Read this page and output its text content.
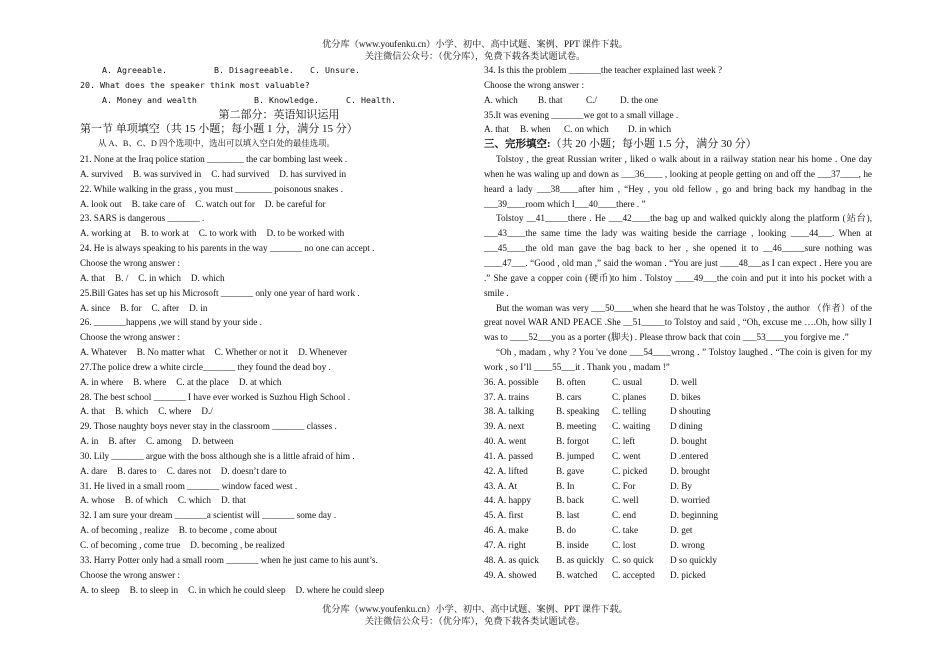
优分库（www.youfenku.cn）小学、初中、高中试题、案例、PPT 课件下载。
关注微信公众号：（优分库），免费下载各类试题试卷。
A. Agreeable.	B. Disagreeable. C. Unsure.
20. What does the speaker think most valuable?
A. Money and wealth	B. Knowledge.	C. Health.
第二部分：英语知识运用
第一节 单项填空（共 15 小题；每小题 1 分，满分 15 分）
从 A、B、C、D 四个选项中，选出可以填入空白处的最佳选项。
21. None at the Iraq police station ________ the car bombing last week .
A. survived B. was survived in C. had survived D. has survived in
22. While walking in the grass , you must ________ poisonous snakes .
A. look out B. take care of C. watch out for D. be careful for
23. SARS is dangerous _______ .
A. working at B. to work at C. to work with D. to be worked with
24. He is always speaking to his parents in the way _______ no one can accept .
Choose the wrong answer :
A. that B. / C. in which D. which
25.Bill Gates has set up his Microsoft _______ only one year of hard work .
A. since B. for C. after D. in
26. _______happens ,we will stand by your side .
Choose the wrong answer :
A. Whatever B. No matter what C. Whether or not it D. Whenever
27.The police drew a white circle_______ they found the dead boy .
A. in where B. where C. at the place D. at which
28. The best school _______ I have ever worked is Suzhou High School .
A. that B. which C. where D./
29. Those naughty boys never stay in the classroom _______ classes .
A. in B. after C. among D. between
30. Lily _______ argue with the boss although she is a little afraid of him .
A. dare B. dares to C. dares not D. doesn’t dare to
31. He lived in a small room _______ window faced west .
A. whose B. of which C. which D. that
32. I am sure your dream _______a scientist will _______ some day .
A. of becoming , realize B. to become , come about
C. of becoming , come true D. becoming , be realized
33. Harry Potter only had a small room _______ when he just came to his aunt’s.
Choose the wrong answer :
A. to sleep B. to sleep in C. in which he could sleep D. where he could sleep
34. Is this the problem _______the teacher explained last week ?
Choose the wrong answer :
A. which B. that	C./	D. the one
35.It was evening _______we got to a small village .
A. that B. when C. on which D. in which
三、完形填空:（共 20 小题；每小题 1.5 分，满分 30 分）

Tolstoy , the great Russian writer , liked o walk about in a railway station near his home . One day when he was waling up and down as ___36____ , looking at people getting on and off the ___37____, he heard a lady ___38____after him , “Hey , you old fellow , go and bring back my handbag in the ___39____room which I___40____there . ”

Tolstoy __41_____there . He ___42____the bag up and walked quickly along the platform (站台), ___43____the same time the lady was waiting beside the carriage , looking ____44___. When at ___45____the old man gave the bag back to her , she opened it to __46_____sure nothing was ____47___. “Good , old man ,” said the woman . “You are just ____48___as I can expect . Here you are .” She gave a copper coin (硬币)to him . Tolstoy ____49___the coin and put it into his pocket with a smile .

But the woman was very ___50____when she heard that he was Tolstoy , the author （作者）of the great novel WAR AND PEACE .She __51_____to Tolstoy and said , “Oh, excuse me ….Oh, how silly I was to ____52___you as a porter (脚夫) . Please throw back that coin ___53____you forgive me .”

“Oh , madam , why ? You 've done ___54____wrong . ” Tolstoy laughed . “The coin is given for my work , so I’ll ____55___it . Thank you , madam !”

36. A. possible B. often	C. usual	D. well
37. A. trains	B. cars	C. planes	D. bikes
38. A. talking B. speaking C. telling	D shouting
39. A. next	B. meeting C. waiting D dining
40. A. went	B. forgot C. left	D. bought
41. A. passed	B. jumped C. went	D .entered
42. A. lifted	B. gave	C. picked D. brought
43. A. At	B. In	C. For	D. By
44. A. happy	B. back	C. well	D. worried
45. A. first	B. last	C. end	D. beginning
46. A. make	B. do	C. take	D. get
47. A. right	B. inside	C. lost	D. wrong
48. A. as quick B. as quickly C. so quick D so quickly
49. A. showed B. watched C. accepted D. picked
优分库（www.youfenku.cn）小学、初中、高中试题、案例、PPT 课件下载。
关注微信公众号：（优分库），免费下载各类试题试卷。
